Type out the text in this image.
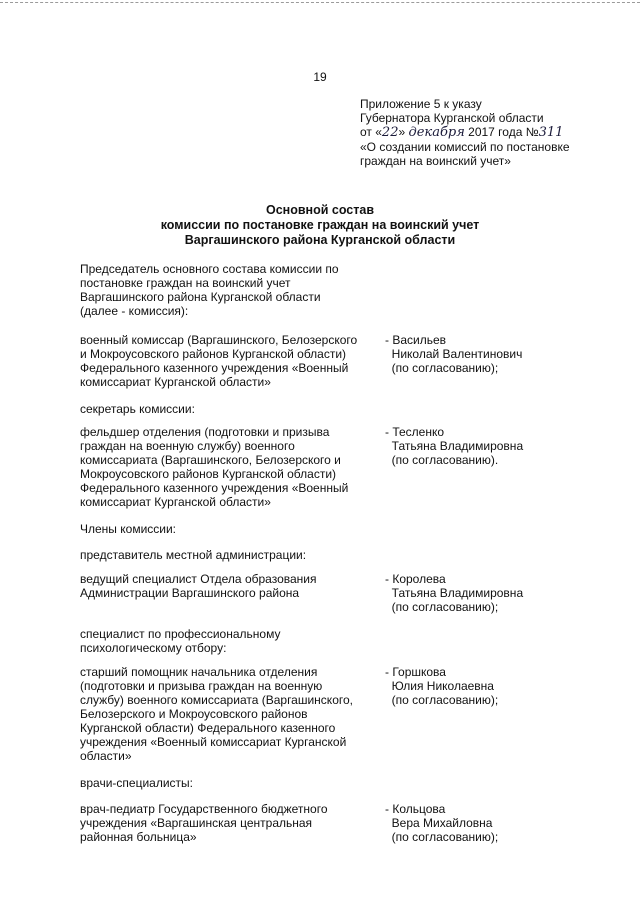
19
Приложение 5 к указу
Губернатора Курганской области
от «22» декабря 2017 года №311
«О создании комиссий по постановке
граждан на воинский учет»
Основной состав
комиссии по постановке граждан на воинский учет
Варгашинского района Курганской области
Председатель основного состава комиссии по
постановке граждан на воинский учет
Варгашинского района Курганской области
(далее - комиссия):
военный комиссар (Варгашинского, Белозерского
и Мокроусовского районов Курганской области)
Федерального казенного учреждения «Военный
комиссариат Курганской области»
- Васильев
Николай Валентинович
(по согласованию);
секретарь комиссии:
фельдшер отделения (подготовки и призыва
граждан на военную службу) военного
комиссариата (Варгашинского, Белозерского и
Мокроусовского районов Курганской области)
Федерального казенного учреждения «Военный
комиссариат Курганской области»
- Тесленко
Татьяна Владимировна
(по согласованию).
Члены комиссии:
представитель местной администрации:
ведущий специалист Отдела образования
Администрации Варгашинского района
- Королева
Татьяна Владимировна
(по согласованию);
специалист по профессиональному
психологическому отбору:
старший помощник начальника отделения
(подготовки и призыва граждан на военную
службу) военного комиссариата (Варгашинского,
Белозерского и Мокроусовского районов
Курганской области) Федерального казенного
учреждения «Военный комиссариат Курганской
области»
- Горшкова
Юлия Николаевна
(по согласованию);
врачи-специалисты:
врач-педиатр Государственного бюджетного
учреждения «Варгашинская центральная
районная больница»
- Кольцова
Вера Михайловна
(по согласованию);
